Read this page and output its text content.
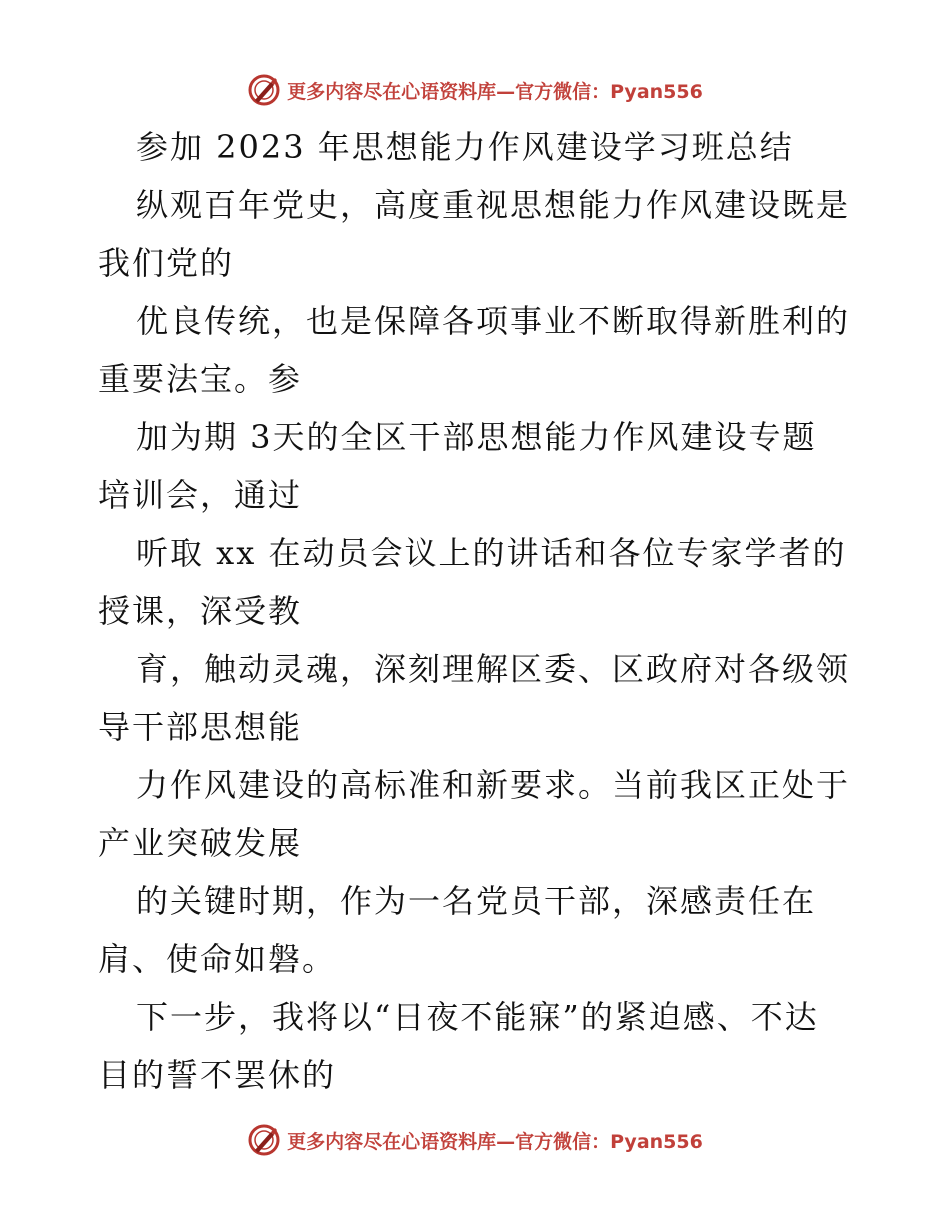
更多内容尽在心语资料库—官方微信：Pyan556
参加 2023 年思想能力作风建设学习班总结
纵观百年党史，高度重视思想能力作风建设既是
我们党的
优良传统，也是保障各项事业不断取得新胜利的
重要法宝。参
加为期 3天的全区干部思想能力作风建设专题
培训会，通过
听取 xx 在动员会议上的讲话和各位专家学者的
授课，深受教
育，触动灵魂，深刻理解区委、区政府对各级领
导干部思想能
力作风建设的高标准和新要求。当前我区正处于
产业突破发展
的关键时期，作为一名党员干部，深感责任在
肩、使命如磐。
下一步，我将以“日夜不能寐”的紧迫感、不达
目的誓不罢休的
更多内容尽在心语资料库—官方微信：Pyan556
